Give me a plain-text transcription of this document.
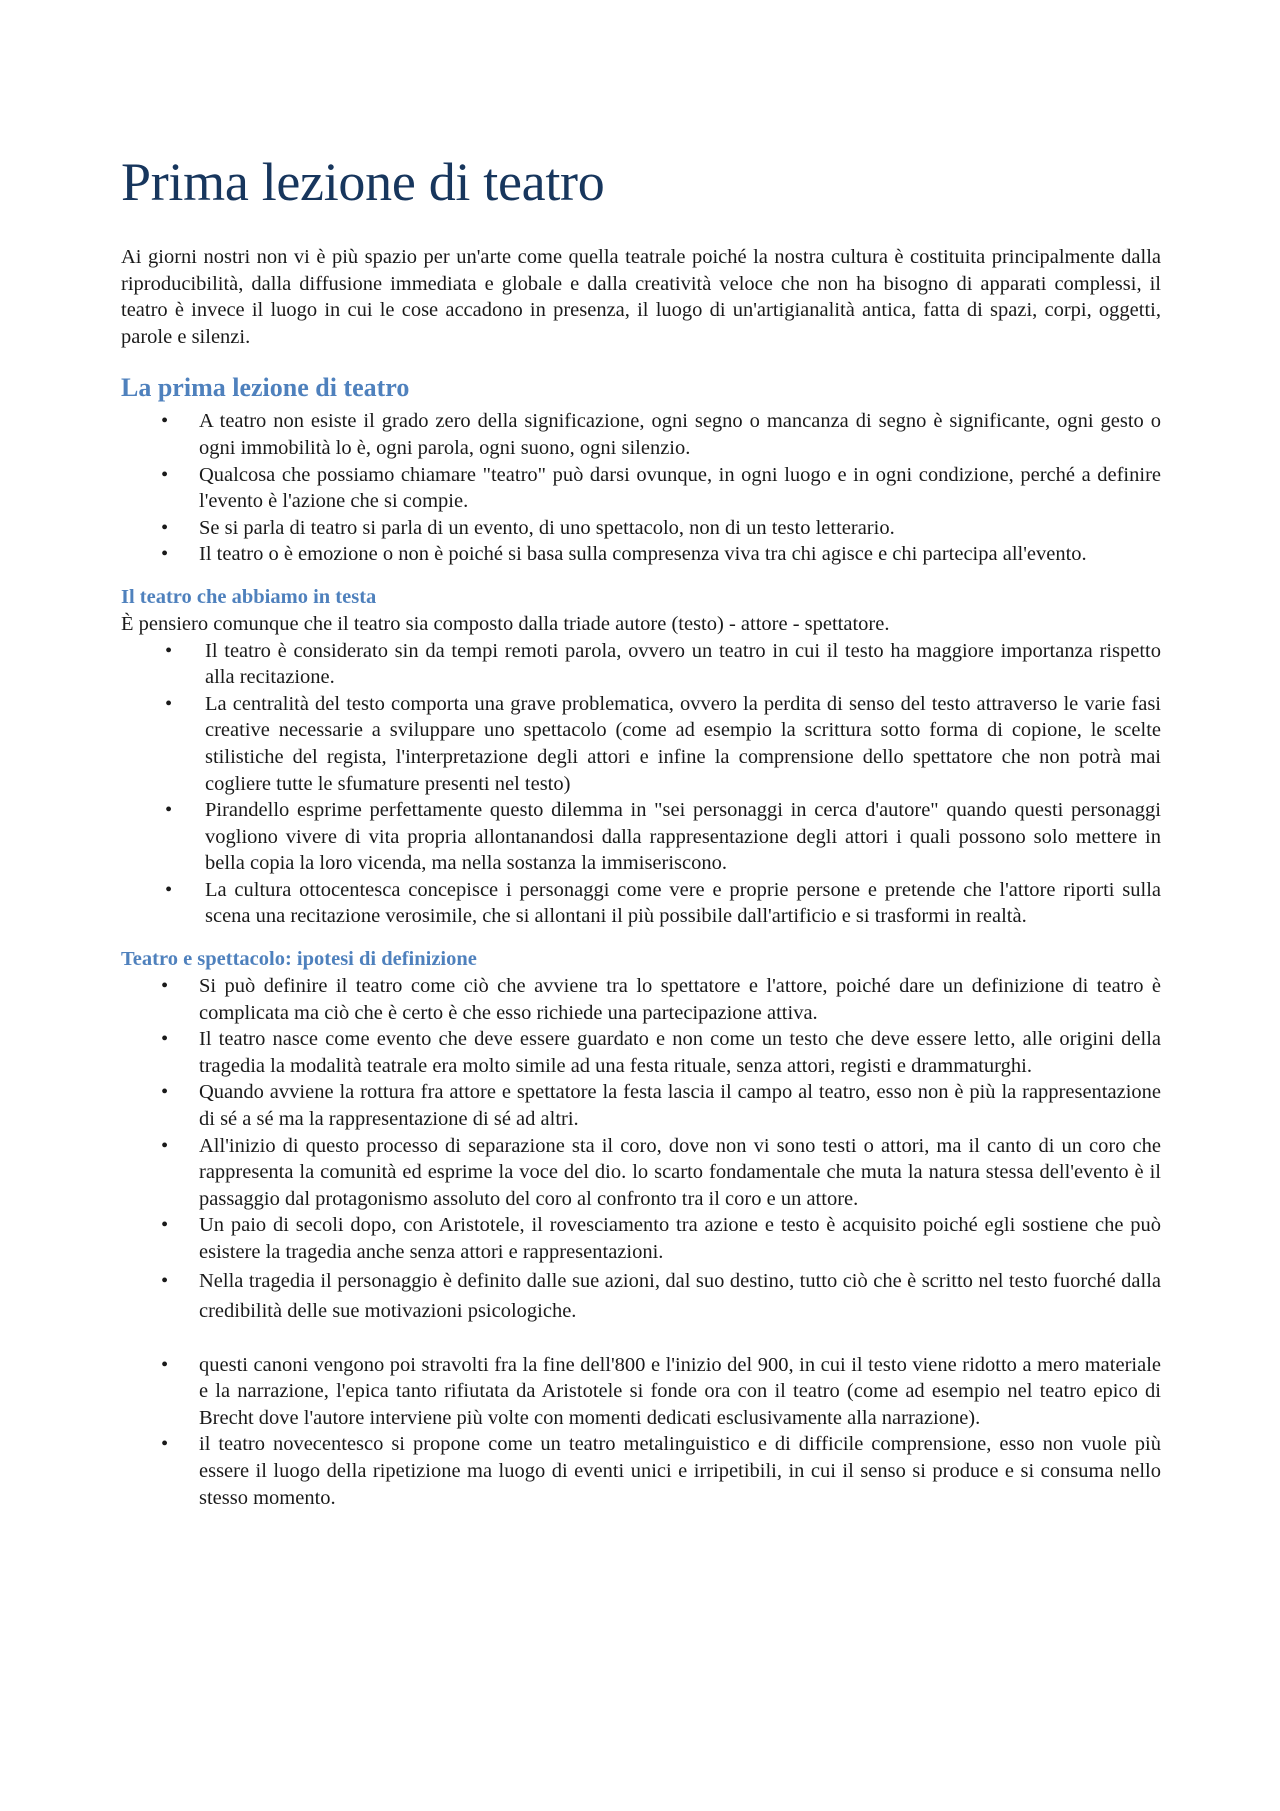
Prima lezione di teatro

Ai giorni nostri non vi è più spazio per un'arte come quella teatrale poiché la nostra cultura è costituita principalmente dalla riproducibilità, dalla diffusione immediata e globale e dalla creatività veloce che non ha bisogno di apparati complessi, il teatro è invece il luogo in cui le cose accadono in presenza, il luogo di un'artigianalità antica, fatta di spazi, corpi, oggetti, parole e silenzi.

La prima lezione di teatro
•	A teatro non esiste il grado zero della significazione, ogni segno o mancanza di segno è significante, ogni gesto o ogni immobilità lo è, ogni parola, ogni suono, ogni silenzio.
•	Qualcosa che possiamo chiamare "teatro" può darsi ovunque, in ogni luogo e in ogni condizione, perché a definire l'evento è l'azione che si compie.
•	Se si parla di teatro si parla di un evento, di uno spettacolo, non di un testo letterario.
•	Il teatro o è emozione o non è poiché si basa sulla compresenza viva tra chi agisce e chi partecipa all'evento.
Il teatro che abbiamo in testa

È pensiero comunque che il teatro sia composto dalla triade autore (testo) - attore - spettatore.

•	Il teatro è considerato sin da tempi remoti parola, ovvero un teatro in cui il testo ha maggiore importanza rispetto alla recitazione.
•	La centralità del testo comporta una grave problematica, ovvero la perdita di senso del testo attraverso le varie fasi creative necessarie a sviluppare uno spettacolo (come ad esempio la scrittura sotto forma di copione, le scelte stilistiche del regista, l'interpretazione degli attori e infine la comprensione dello spettatore che non potrà mai cogliere tutte le sfumature presenti nel testo)
•	Pirandello esprime perfettamente questo dilemma in "sei personaggi in cerca d'autore" quando questi personaggi vogliono vivere di vita propria allontanandosi dalla rappresentazione degli attori i quali possono solo mettere in bella copia la loro vicenda, ma nella sostanza la immiseriscono.
•	La cultura ottocentesca concepisce i personaggi come vere e proprie persone e pretende che l'attore riporti sulla scena una recitazione verosimile, che si allontani il più possibile dall'artificio e si trasformi in realtà.
Teatro e spettacolo: ipotesi di definizione
•	Si può definire il teatro come ciò che avviene tra lo spettatore e l'attore, poiché dare un definizione di teatro è complicata ma ciò che è certo è che esso richiede una partecipazione attiva.
•	Il teatro nasce come evento che deve essere guardato e non come un testo che deve essere letto, alle origini della tragedia la modalità teatrale era molto simile ad una festa rituale, senza attori, registi e drammaturghi.
•	Quando avviene la rottura fra attore e spettatore la festa lascia il campo al teatro, esso non è più la rappresentazione di sé a sé ma la rappresentazione di sé ad altri.
•	All'inizio di questo processo di separazione sta il coro, dove non vi sono testi o attori, ma il canto di un coro che rappresenta la comunità ed esprime la voce del dio. lo scarto fondamentale che muta la natura stessa dell'evento è il passaggio dal protagonismo assoluto del coro al confronto tra il coro e un attore.
•	Un paio di secoli dopo, con Aristotele, il rovesciamento tra azione e testo è acquisito poiché egli sostiene che può esistere la tragedia anche senza attori e rappresentazioni.
•	Nella tragedia il personaggio è definito dalle sue azioni, dal suo destino, tutto ciò che è scritto nel testo fuorché dalla credibilità delle sue motivazioni psicologiche.
•	questi canoni vengono poi stravolti fra la fine dell'800 e l'inizio del 900, in cui il testo viene ridotto a mero materiale e la narrazione, l'epica tanto rifiutata da Aristotele si fonde ora con il teatro (come ad esempio nel teatro epico di Brecht dove l'autore interviene più volte con momenti dedicati esclusivamente alla narrazione).
•	il teatro novecentesco si propone come un teatro metalinguistico e di difficile comprensione, esso non vuole più essere il luogo della ripetizione ma luogo di eventi unici e irripetibili, in cui il senso si produce e si consuma nello stesso momento.
